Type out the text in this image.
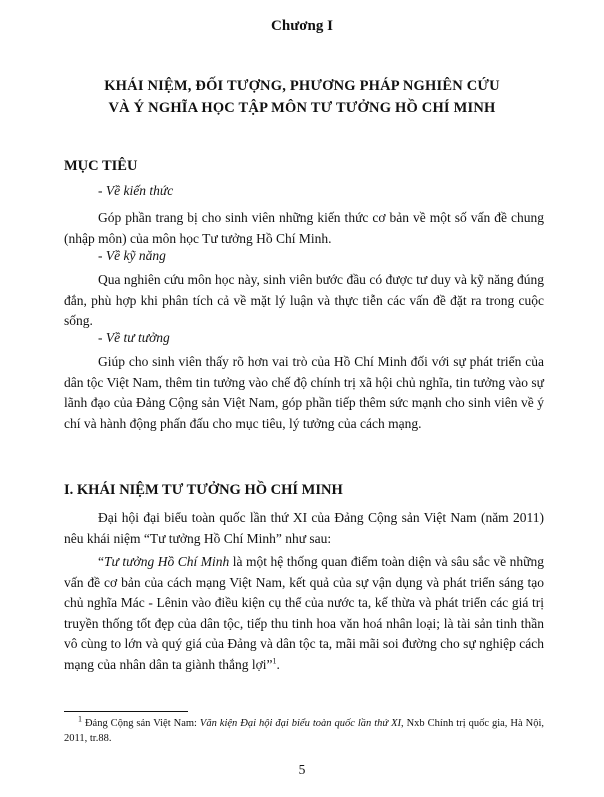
Chương I
KHÁI NIỆM, ĐỐI TƯỢNG, PHƯƠNG PHÁP NGHIÊN CỨU
VÀ Ý NGHĨA HỌC TẬP MÔN TƯ TƯỞNG HỒ CHÍ MINH
MỤC TIÊU
- Về kiến thức
Góp phần trang bị cho sinh viên những kiến thức cơ bản về một số vấn đề chung (nhập môn) của môn học Tư tưởng Hồ Chí Minh.
- Về kỹ năng
Qua nghiên cứu môn học này, sinh viên bước đầu có được tư duy và kỹ năng đúng đắn, phù hợp khi phân tích cả về mặt lý luận và thực tiễn các vấn đề đặt ra trong cuộc sống.
- Về tư tưởng
Giúp cho sinh viên thấy rõ hơn vai trò của Hồ Chí Minh đối với sự phát triển của dân tộc Việt Nam, thêm tin tưởng vào chế độ chính trị xã hội chủ nghĩa, tin tưởng vào sự lãnh đạo của Đảng Cộng sản Việt Nam, góp phần tiếp thêm sức mạnh cho sinh viên về ý chí và hành động phấn đấu cho mục tiêu, lý tưởng của cách mạng.
I. KHÁI NIỆM TƯ TƯỞNG HỒ CHÍ MINH
Đại hội đại biểu toàn quốc lần thứ XI của Đảng Cộng sản Việt Nam (năm 2011) nêu khái niệm “Tư tưởng Hồ Chí Minh” như sau:
“Tư tưởng Hồ Chí Minh là một hệ thống quan điểm toàn diện và sâu sắc về những vấn đề cơ bản của cách mạng Việt Nam, kết quả của sự vận dụng và phát triển sáng tạo chủ nghĩa Mác - Lênin vào điều kiện cụ thể của nước ta, kế thừa và phát triển các giá trị truyền thống tốt đẹp của dân tộc, tiếp thu tinh hoa văn hoá nhân loại; là tài sản tinh thần vô cùng to lớn và quý giá của Đảng và dân tộc ta, mãi mãi soi đường cho sự nghiệp cách mạng của nhân dân ta giành thắng lợi”$^1$.
$^1$ Đảng Cộng sản Việt Nam: Văn kiện Đại hội đại biểu toàn quốc lần thứ XI, Nxb Chính trị quốc gia, Hà Nội, 2011, tr.88.
5
